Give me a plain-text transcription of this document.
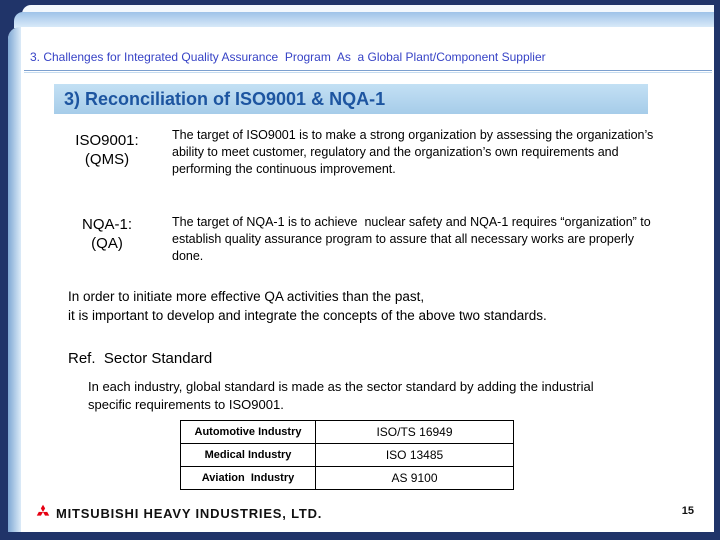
3. Challenges for Integrated Quality Assurance  Program  As  a Global Plant/Component Supplier
3) Reconciliation of ISO9001 & NQA-1
ISO9001:
(QMS)
The target of ISO9001 is to make a strong organization by assessing the organization’s ability to meet customer, regulatory and the organization’s own requirements and performing the continuous improvement.
NQA-1:
(QA)
The target of NQA-1 is to achieve  nuclear safety and NQA-1 requires “organization” to establish quality assurance program to assure that all necessary works are properly done.
In order to initiate more effective QA activities than the past,
it is important to develop and integrate the concepts of the above two standards.
Ref.  Sector Standard
In each industry, global standard is made as the sector standard by adding the industrial specific requirements to ISO9001.
Automotive Industry	ISO/TS 16949
Medical Industry	ISO 13485
Aviation  Industry	AS 9100
MITSUBISHI HEAVY INDUSTRIES, LTD.	15
